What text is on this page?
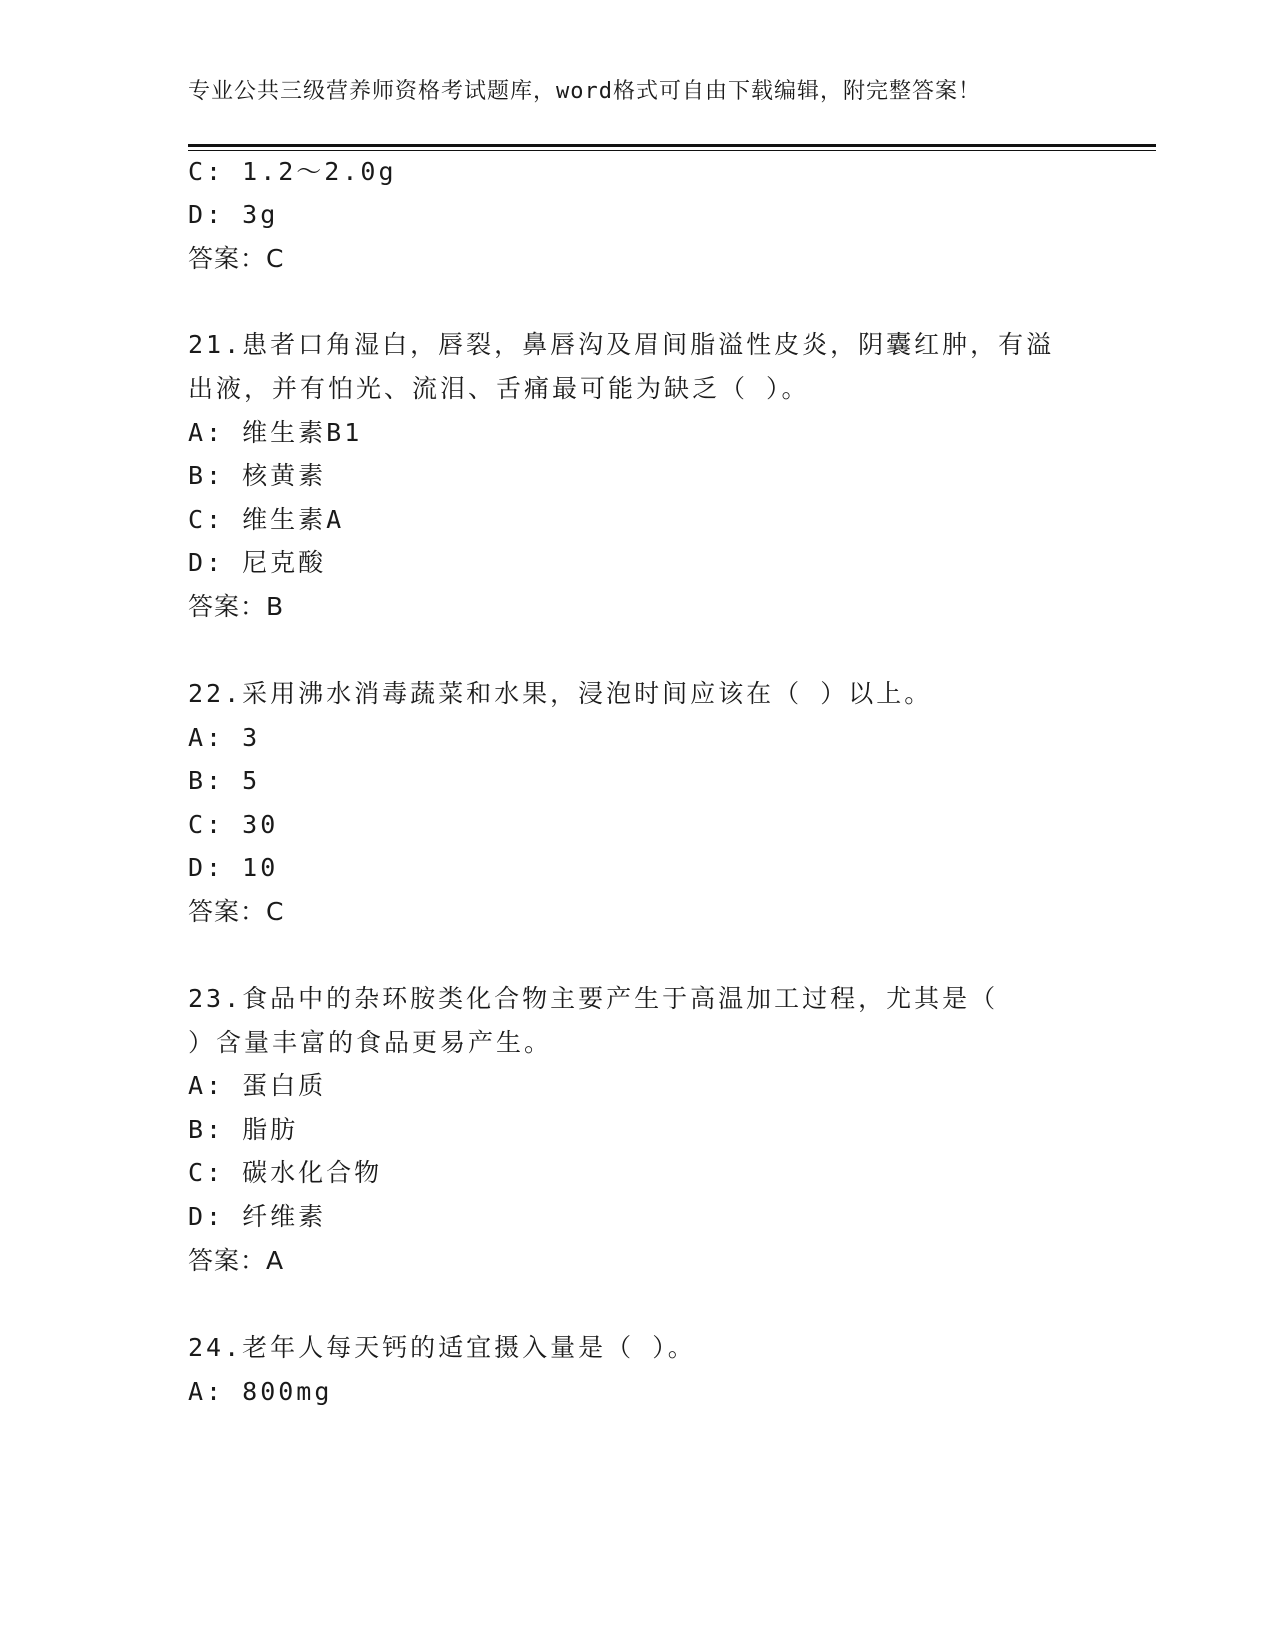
专业公共三级营养师资格考试题库，word格式可自由下载编辑，附完整答案！
C: 1.2～2.0g
D: 3g
答案：C
21.患者口角湿白，唇裂，鼻唇沟及眉间脂溢性皮炎，阴囊红肿，有溢
出液，并有怕光、流泪、舌痛最可能为缺乏（ ）。
A: 维生素B1
B: 核黄素
C: 维生素A
D: 尼克酸
答案：B
22.采用沸水消毒蔬菜和水果，浸泡时间应该在（ ）以上。
A: 3
B: 5
C: 30
D: 10
答案：C
23.食品中的杂环胺类化合物主要产生于高温加工过程，尤其是（
）含量丰富的食品更易产生。
A: 蛋白质
B: 脂肪
C: 碳水化合物
D: 纤维素
答案：A
24.老年人每天钙的适宜摄入量是（ ）。
A: 800mg
